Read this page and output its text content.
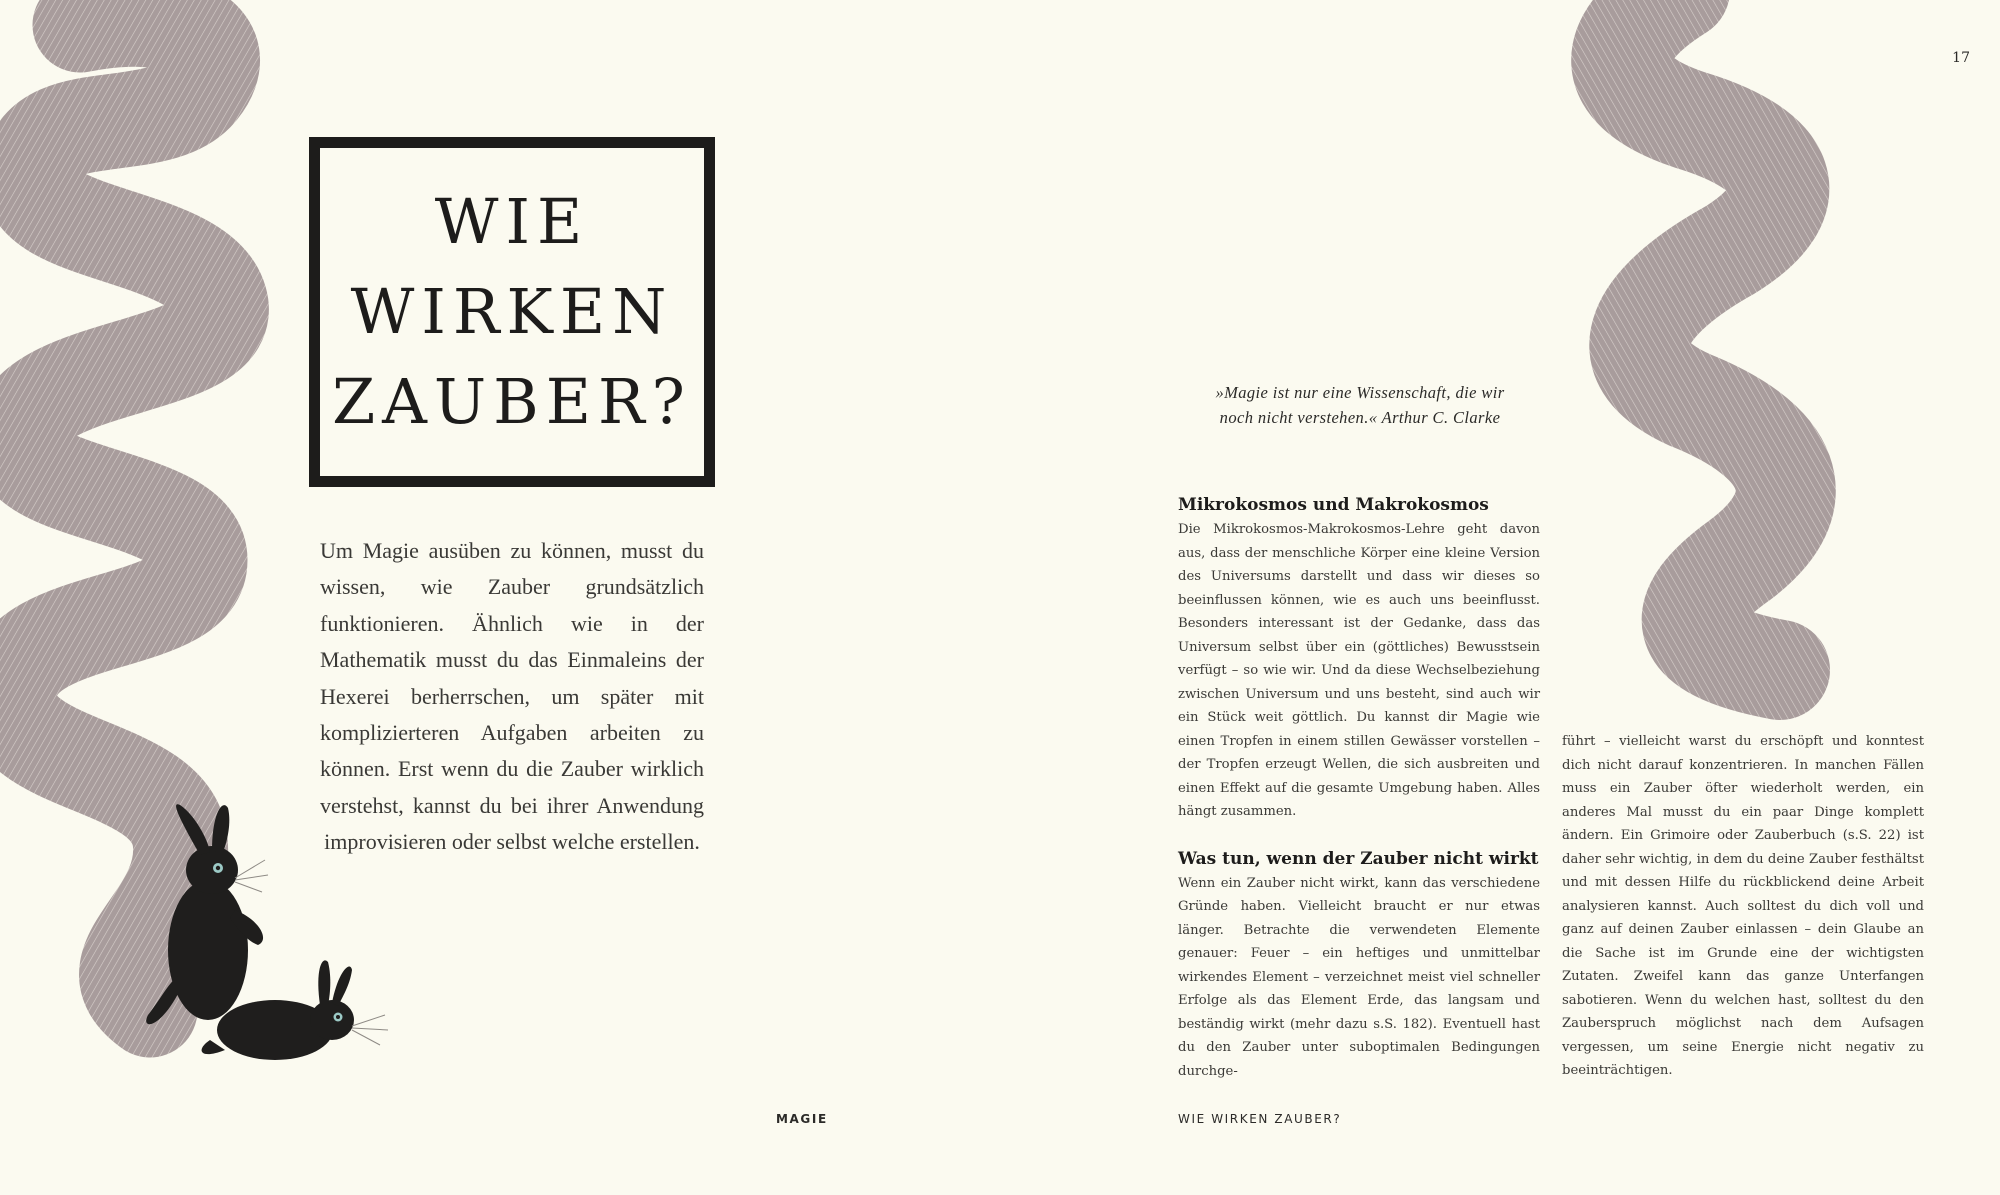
17
WIE
WIRKEN
ZAUBER?

Um Magie ausüben zu können, musst du wissen, wie Zauber grundsätzlich funktionieren. Ähnlich wie in der Mathematik musst du das Einmaleins der Hexerei berherrschen, um später mit komplizierteren Aufgaben arbeiten zu können. Erst wenn du die Zauber wirklich verstehst, kannst du bei ihrer Anwendung improvisieren oder selbst welche erstellen.

»Magie ist nur eine Wissenschaft, die wir
noch nicht verstehen.« Arthur C. Clarke
Mikrokosmos und Makrokosmos

Die Mikrokosmos-Makrokosmos-Lehre geht davon aus, dass der menschliche Körper eine kleine Version des Universums darstellt und dass wir dieses so beeinflussen können, wie es auch uns beeinflusst. Besonders interessant ist der Gedanke, dass das Universum selbst über ein (göttliches) Bewusstsein verfügt – so wie wir. Und da diese Wechselbeziehung zwischen Universum und uns besteht, sind auch wir ein Stück weit göttlich. Du kannst dir Magie wie einen Tropfen in einem stillen Gewässer vorstellen – der Tropfen erzeugt Wellen, die sich ausbreiten und einen Effekt auf die gesamte Umgebung haben. Alles hängt zusammen.

Was tun, wenn der Zauber nicht wirkt

Wenn ein Zauber nicht wirkt, kann das verschiedene Gründe haben. Vielleicht braucht er nur etwas länger. Betrachte die verwendeten Elemente genauer: Feuer – ein heftiges und unmittelbar wirkendes Element – verzeichnet meist viel schneller Erfolge als das Element Erde, das langsam und beständig wirkt (mehr dazu s.S. 182). Eventuell hast du den Zauber unter suboptimalen Bedingungen durchge-

führt – vielleicht warst du erschöpft und konntest dich nicht darauf konzentrieren. In manchen Fällen muss ein Zauber öfter wiederholt werden, ein anderes Mal musst du ein paar Dinge komplett ändern. Ein Grimoire oder Zauberbuch (s.S. 22) ist daher sehr wichtig, in dem du deine Zauber festhältst und mit dessen Hilfe du rückblickend deine Arbeit analysieren kannst. Auch solltest du dich voll und ganz auf deinen Zauber einlassen – dein Glaube an die Sache ist im Grunde eine der wichtigsten Zutaten. Zweifel kann das ganze Unterfangen sabotieren. Wenn du welchen hast, solltest du den Zauberspruch möglichst nach dem Aufsagen vergessen, um seine Energie nicht negativ zu beeinträchtigen.

MAGIE	WIE WIRKEN ZAUBER?
